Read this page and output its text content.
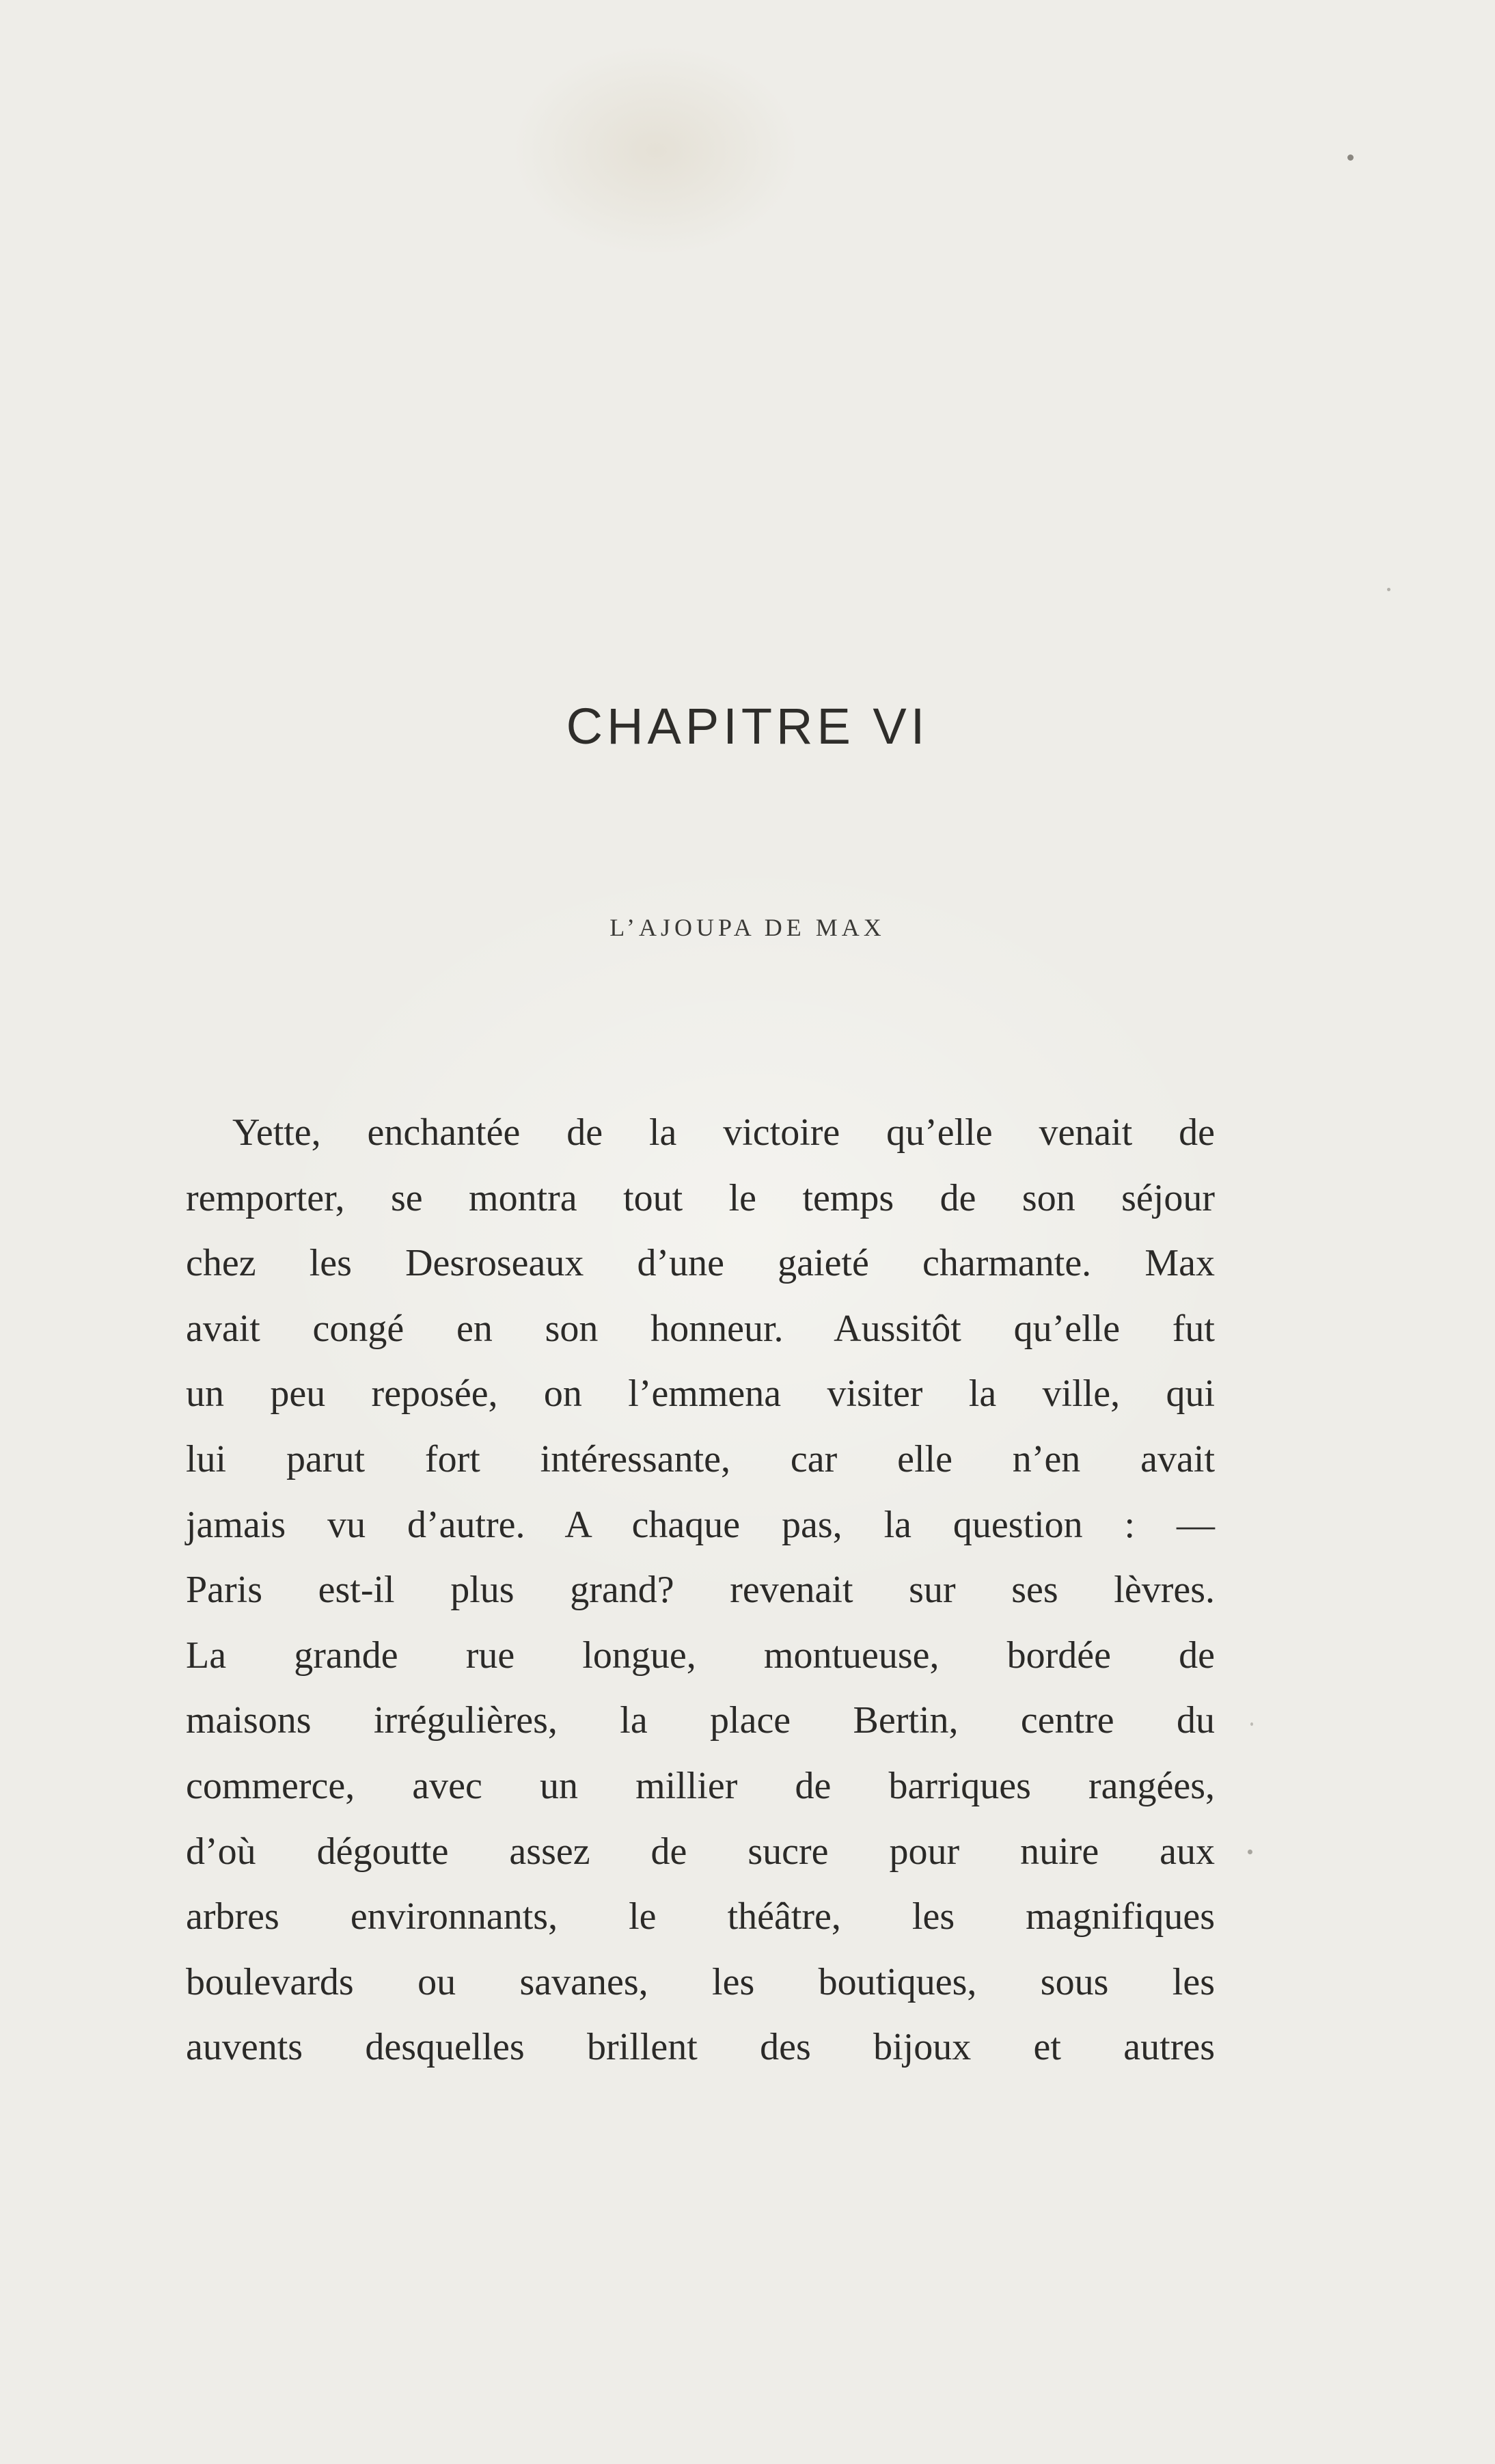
CHAPITRE VI
L’AJOUPA DE MAX
Yette, enchantée de la victoire qu’elle venait de
remporter, se montra tout le temps de son séjour
chez les Desroseaux d’une gaieté charmante. Max
avait congé en son honneur. Aussitôt qu’elle fut
un peu reposée, on l’emmena visiter la ville, qui
lui parut fort intéressante, car elle n’en avait
jamais vu d’autre. A chaque pas, la question : —
Paris est-il plus grand? revenait sur ses lèvres.
La grande rue longue, montueuse, bordée de
maisons irrégulières, la place Bertin, centre du
commerce, avec un millier de barriques rangées,
d’où dégoutte assez de sucre pour nuire aux
arbres environnants, le théâtre, les magnifiques
boulevards ou savanes, les boutiques, sous les
auvents desquelles brillent des bijoux et autres
